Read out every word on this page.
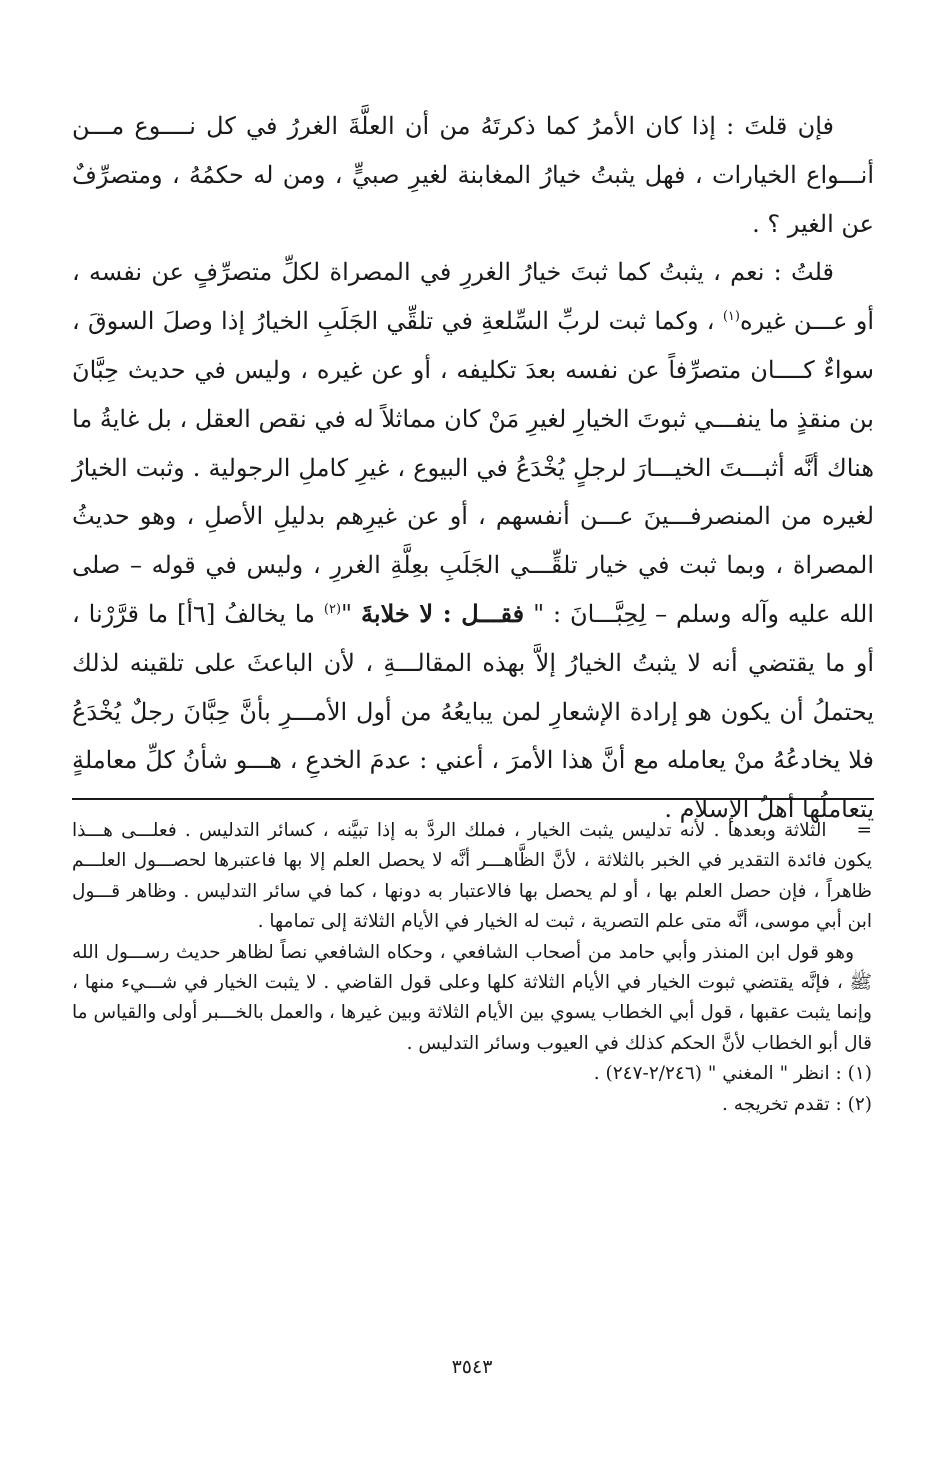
فإن قلتَ : إذا كان الأمرُ كما ذكرتَهُ من أن العلَّةَ الغررُ في كل نــــوع مـــن أنـــواع الخيارات ، فهل يثبتُ خيارُ المغابنة لغيرِ صبيٍّ ، ومن له حكمُهُ ، ومتصرِّفٌ عن الغير ؟ .

قلتُ : نعم ، يثبتُ كما ثبتَ خيارُ الغررِ في المصراة لكلِّ متصرِّفٍ عن نفسه ، أو عـــن غيره$^{(١)}$ ، وكما ثبت لربِّ السِّلعةِ في تلقِّي الجَلَبِ الخيارُ إذا وصلَ السوقَ ، سواءٌ كــــان متصرِّفاً عن نفسه بعدَ تكليفه ، أو عن غيره ، وليس في حديث حِبَّانَ بن منقذٍ ما ينفـــي ثبوتَ الخيارِ لغيرِ مَنْ كان مماثلاً له في نقص العقل ، بل غايةُ ما هناك أنَّه أثبـــتَ الخيـــارَ لرجلٍ يُخْدَعُ في البيوع ، غيرِ كاملِ الرجولية . وثبت الخيارُ لغيره من المنصرفـــينَ عـــن أنفسهم ، أو عن غيرِهم بدليلِ الأصلِ ، وهو حديثُ المصراة ، وبما ثبت في خيار تلقِّـــي الجَلَبِ بعِلَّةِ الغررِ ، وليس في قوله – صلى الله عليه وآله وسلم – لِحِبَّـــانَ : " فقـــل : لا خلابةَ "$^{(٢)}$ ما يخالفُ [٦أ] ما قرَّرْنا ، أو ما يقتضي أنه لا يثبتُ الخيارُ إلاَّ بهذه المقالـــةِ ، لأن الباعثَ على تلقينه لذلك يحتملُ أن يكون هو إرادة الإشعارِ لمن يبايعُهُ من أول الأمـــرِ بأنَّ حِبَّانَ رجلٌ يُخْدَعُ فلا يخادعُهُ منْ يعامله مع أنَّ هذا الأمرَ ، أعني : عدمَ الخدعِ ، هـــو شأنُ كلِّ معاملةٍ يتعاملُها أهلُ الإسلام .

=الثلاثة وبعدها . لأنه تدليس يثبت الخيار ، فملك الردَّ به إذا تبيَّنه ، كسائر التدليس . فعلـــى هـــذا يكون فائدة التقدير في الخبر بالثلاثة ، لأنَّ الظَّاهـــر أنَّه لا يحصل العلم إلا بها فاعتبرها لحصـــول العلـــم ظاهراً ، فإن حصل العلم بها ، أو لم يحصل بها فالاعتبار به دونها ، كما في سائر التدليس . وظاهر قـــول ابن أبي موسى، أنَّه متى علم التصرية ، ثبت له الخيار في الأيام الثلاثة إلى تمامها .

وهو قول ابن المنذر وأبي حامد من أصحاب الشافعي ، وحكاه الشافعي نصاً لظاهر حديث رســـول الله ﷺ ، فإنَّه يقتضي ثبوت الخيار في الأيام الثلاثة كلها وعلى قول القاضي . لا يثبت الخيار في شـــيء منها ، وإنما يثبت عقبها ، قول أبي الخطاب يسوي بين الأيام الثلاثة وبين غيرها ، والعمل بالخـــبر أولى والقياس ما قال أبو الخطاب لأنَّ الحكم كذلك في العيوب وسائر التدليس .

(١) : انظر " المغني " (٢/٢٤٦-٢٤٧) .

(٢) : تقدم تخريجه .

٣٥٤٣
